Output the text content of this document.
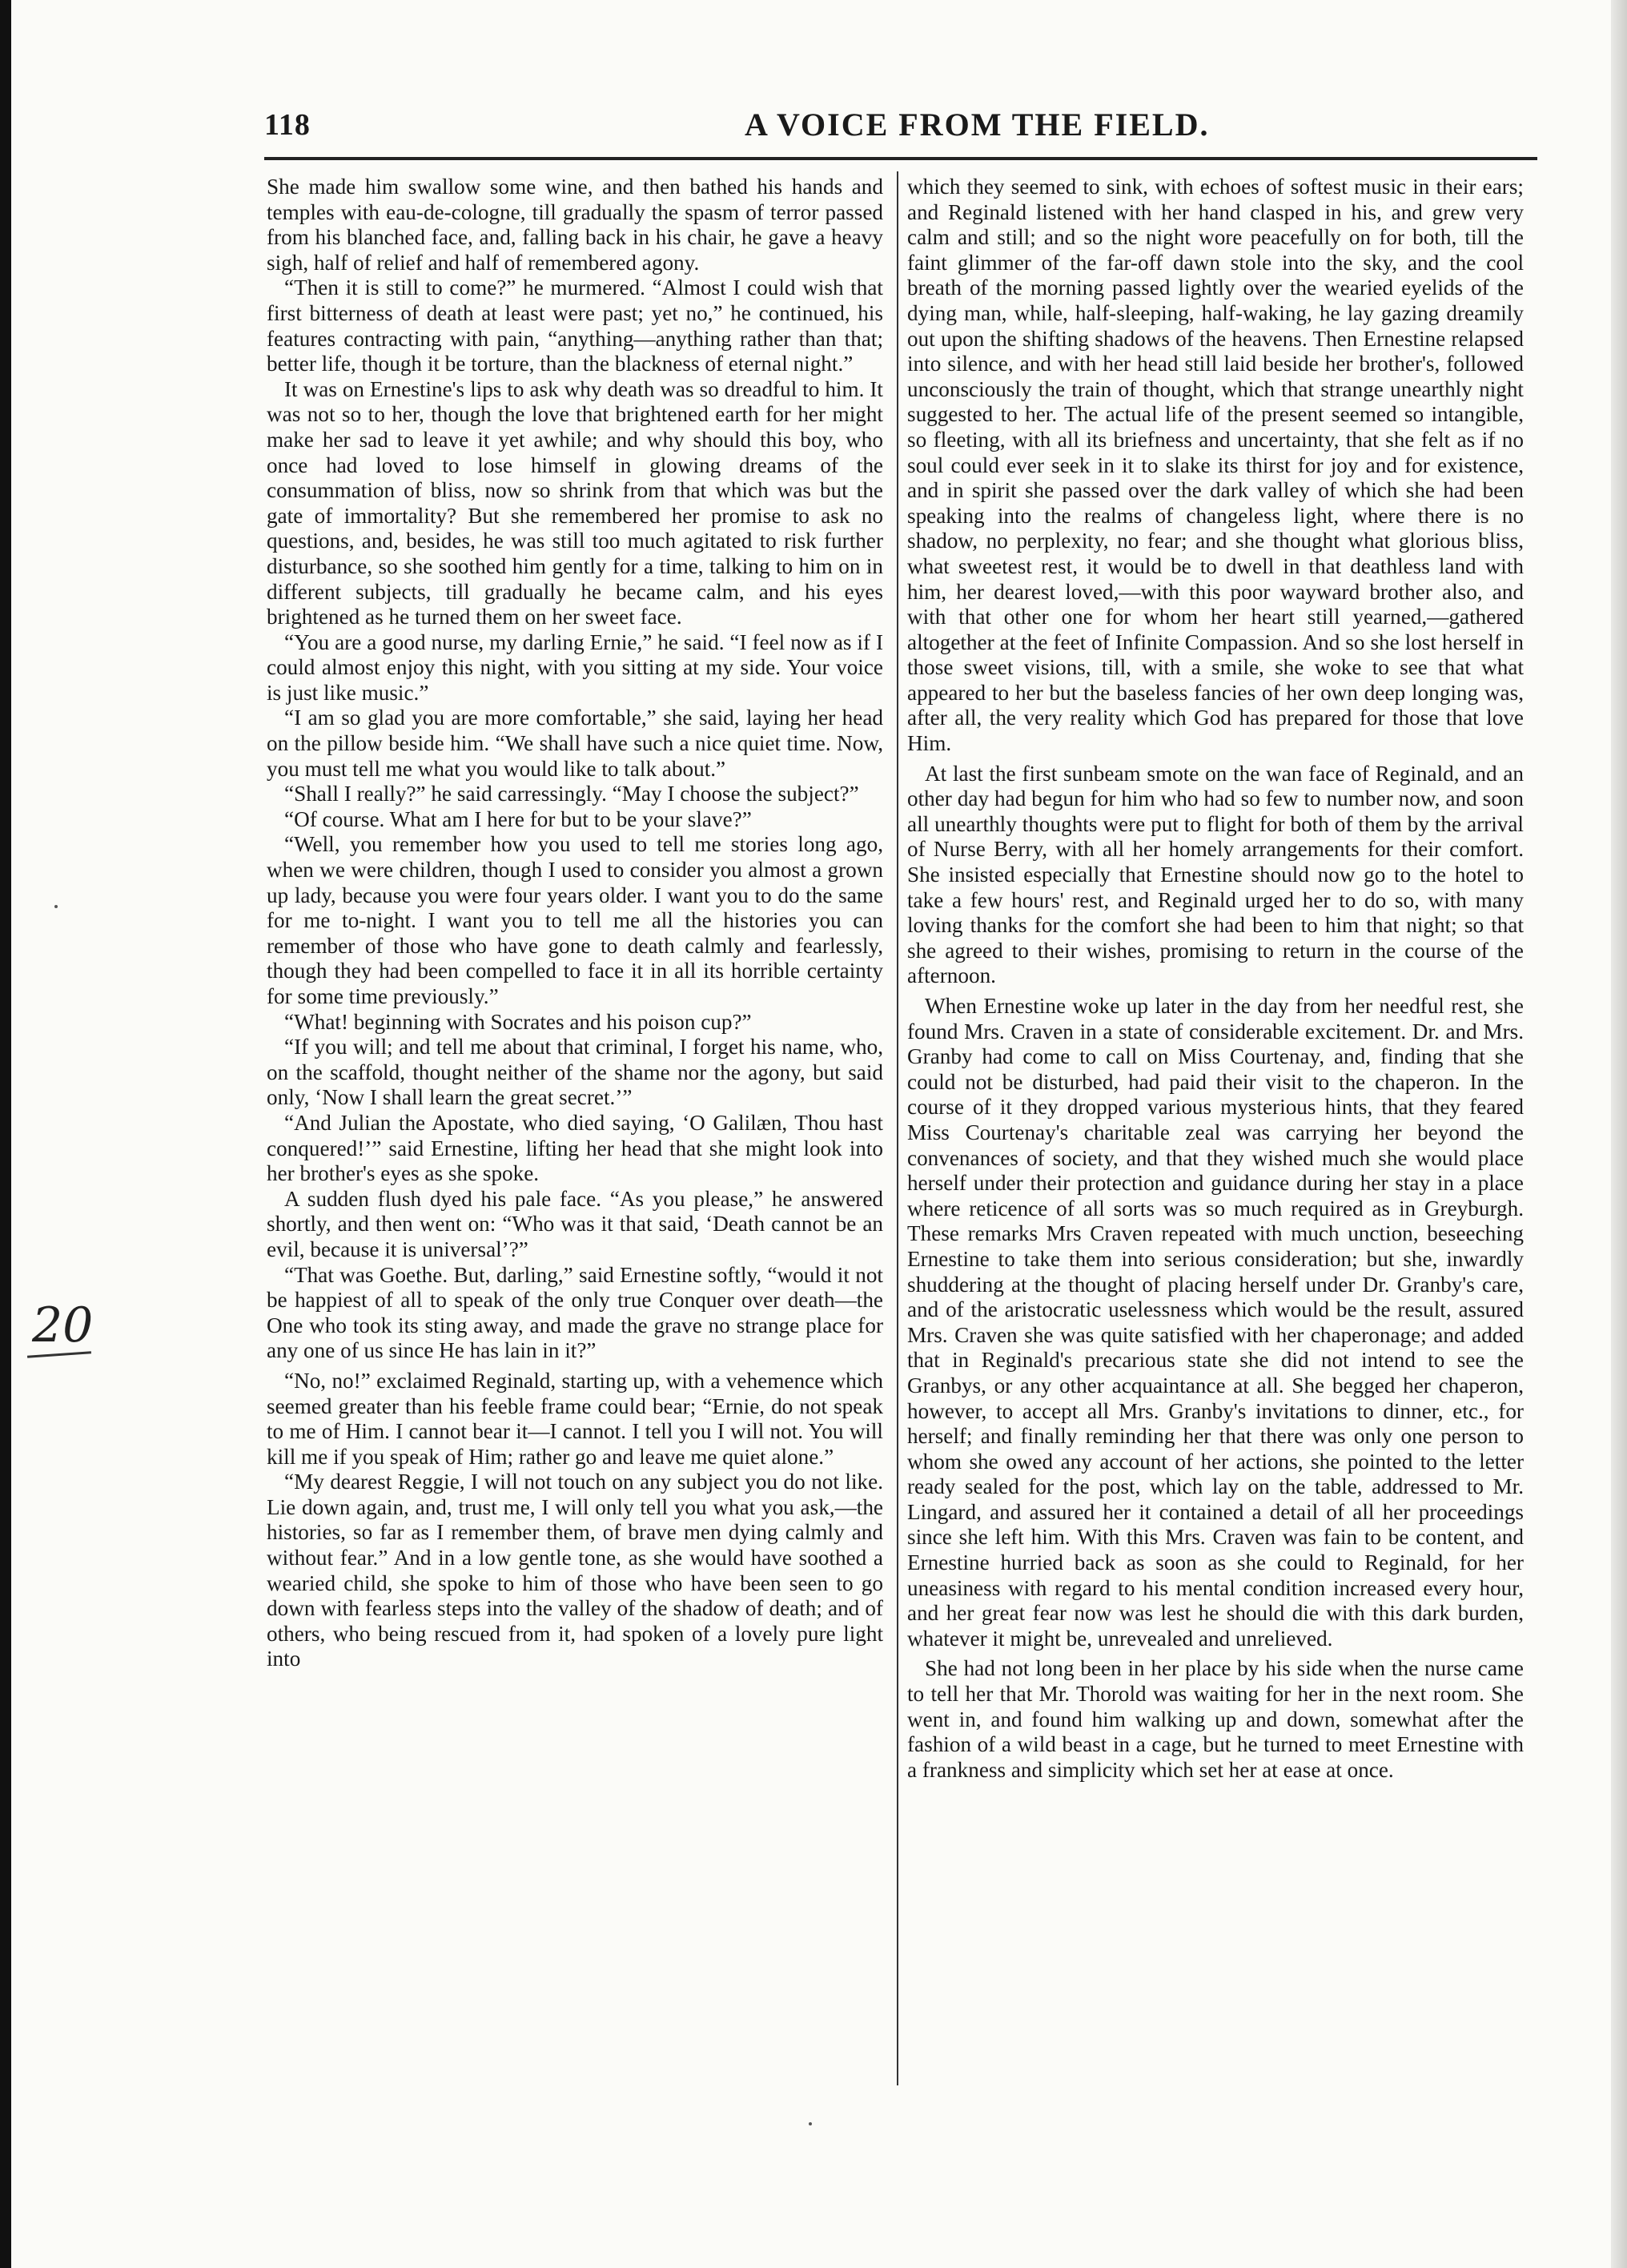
118	A VOICE FROM THE FIELD.

She made him swallow some wine, and then bathed his hands and temples with eau-de-cologne, till gradually the spasm of terror passed from his blanched face, and, falling back in his chair, he gave a heavy sigh, half of relief and half of remembered agony.

“Then it is still to come?” he murmered. “Almost I could wish that first bitterness of death at least were past; yet no,” he continued, his features contracting with pain, “anything—anything rather than that; better life, though it be torture, than the blackness of eternal night.”

It was on Ernestine's lips to ask why death was so dreadful to him. It was not so to her, though the love that brightened earth for her might make her sad to leave it yet awhile; and why should this boy, who once had loved to lose himself in glowing dreams of the consummation of bliss, now so shrink from that which was but the gate of immortality? But she remembered her promise to ask no questions, and, besides, he was still too much agitated to risk further disturbance, so she soothed him gently for a time, talking to him on in different subjects, till gradually he became calm, and his eyes brightened as he turned them on her sweet face.

“You are a good nurse, my darling Ernie,” he said. “I feel now as if I could almost enjoy this night, with you sitting at my side. Your voice is just like music.”

“I am so glad you are more comfortable,” she said, laying her head on the pillow beside him. “We shall have such a nice quiet time. Now, you must tell me what you would like to talk about.”

“Shall I really?” he said carressingly. “May I choose the subject?”

“Of course. What am I here for but to be your slave?”

“Well, you remember how you used to tell me stories long ago, when we were children, though I used to consider you almost a grown up lady, because you were four years older. I want you to do the same for me to-night. I want you to tell me all the histories you can remember of those who have gone to death calmly and fearlessly, though they had been compelled to face it in all its horrible certainty for some time previously.”

“What! beginning with Socrates and his poison cup?”

“If you will; and tell me about that criminal, I forget his name, who, on the scaffold, thought neither of the shame nor the agony, but said only, ‘Now I shall learn the great secret.’”

“And Julian the Apostate, who died saying, ‘O Galilæn, Thou hast conquered!’” said Ernestine, lifting her head that she might look into her brother's eyes as she spoke.

A sudden flush dyed his pale face. “As you please,” he answered shortly, and then went on: “Who was it that said, ‘Death cannot be an evil, because it is universal’?”

“That was Goethe. But, darling,” said Ernestine softly, “would it not be happiest of all to speak of the only true Conquer over death—the One who took its sting away, and made the grave no strange place for any one of us since He has lain in it?”

“No, no!” exclaimed Reginald, starting up, with a vehemence which seemed greater than his feeble frame could bear; “Ernie, do not speak to me of Him. I cannot bear it—I cannot. I tell you I will not. You will kill me if you speak of Him; rather go and leave me quiet alone.”

“My dearest Reggie, I will not touch on any subject you do not like. Lie down again, and, trust me, I will only tell you what you ask,—the histories, so far as I remember them, of brave men dying calmly and without fear.” And in a low gentle tone, as she would have soothed a wearied child, she spoke to him of those who have been seen to go down with fearless steps into the valley of the shadow of death; and of others, who being rescued from it, had spoken of a lovely pure light into

which they seemed to sink, with echoes of softest music in their ears; and Reginald listened with her hand clasped in his, and grew very calm and still; and so the night wore peacefully on for both, till the faint glimmer of the far-off dawn stole into the sky, and the cool breath of the morning passed lightly over the wearied eyelids of the dying man, while, half-sleeping, half-waking, he lay gazing dreamily out upon the shifting shadows of the heavens. Then Ernestine relapsed into silence, and with her head still laid beside her brother's, followed unconsciously the train of thought, which that strange unearthly night suggested to her. The actual life of the present seemed so intangible, so fleeting, with all its briefness and uncertainty, that she felt as if no soul could ever seek in it to slake its thirst for joy and for existence, and in spirit she passed over the dark valley of which she had been speaking into the realms of changeless light, where there is no shadow, no perplexity, no fear; and she thought what glorious bliss, what sweetest rest, it would be to dwell in that deathless land with him, her dearest loved,—with this poor wayward brother also, and with that other one for whom her heart still yearned,—gathered altogether at the feet of Infinite Compassion. And so she lost herself in those sweet visions, till, with a smile, she woke to see that what appeared to her but the baseless fancies of her own deep longing was, after all, the very reality which God has prepared for those that love Him.

At last the first sunbeam smote on the wan face of Reginald, and an other day had begun for him who had so few to number now, and soon all unearthly thoughts were put to flight for both of them by the arrival of Nurse Berry, with all her homely arrangements for their comfort. She insisted especially that Ernestine should now go to the hotel to take a few hours' rest, and Reginald urged her to do so, with many loving thanks for the comfort she had been to him that night; so that she agreed to their wishes, promising to return in the course of the afternoon.

When Ernestine woke up later in the day from her needful rest, she found Mrs. Craven in a state of considerable excitement. Dr. and Mrs. Granby had come to call on Miss Courtenay, and, finding that she could not be disturbed, had paid their visit to the chaperon. In the course of it they dropped various mysterious hints, that they feared Miss Courtenay's charitable zeal was carrying her beyond the convenances of society, and that they wished much she would place herself under their protection and guidance during her stay in a place where reticence of all sorts was so much required as in Greyburgh. These remarks Mrs Craven repeated with much unction, beseeching Ernestine to take them into serious consideration; but she, inwardly shuddering at the thought of placing herself under Dr. Granby's care, and of the aristocratic uselessness which would be the result, assured Mrs. Craven she was quite satisfied with her chaperonage; and added that in Reginald's precarious state she did not intend to see the Granbys, or any other acquaintance at all. She begged her chaperon, however, to accept all Mrs. Granby's invitations to dinner, etc., for herself; and finally reminding her that there was only one person to whom she owed any account of her actions, she pointed to the letter ready sealed for the post, which lay on the table, addressed to Mr. Lingard, and assured her it contained a detail of all her proceedings since she left him. With this Mrs. Craven was fain to be content, and Ernestine hurried back as soon as she could to Reginald, for her uneasiness with regard to his mental condition increased every hour, and her great fear now was lest he should die with this dark burden, whatever it might be, unrevealed and unrelieved.

She had not long been in her place by his side when the nurse came to tell her that Mr. Thorold was waiting for her in the next room. She went in, and found him walking up and down, somewhat after the fashion of a wild beast in a cage, but he turned to meet Ernestine with a frankness and simplicity which set her at ease at once.

20
